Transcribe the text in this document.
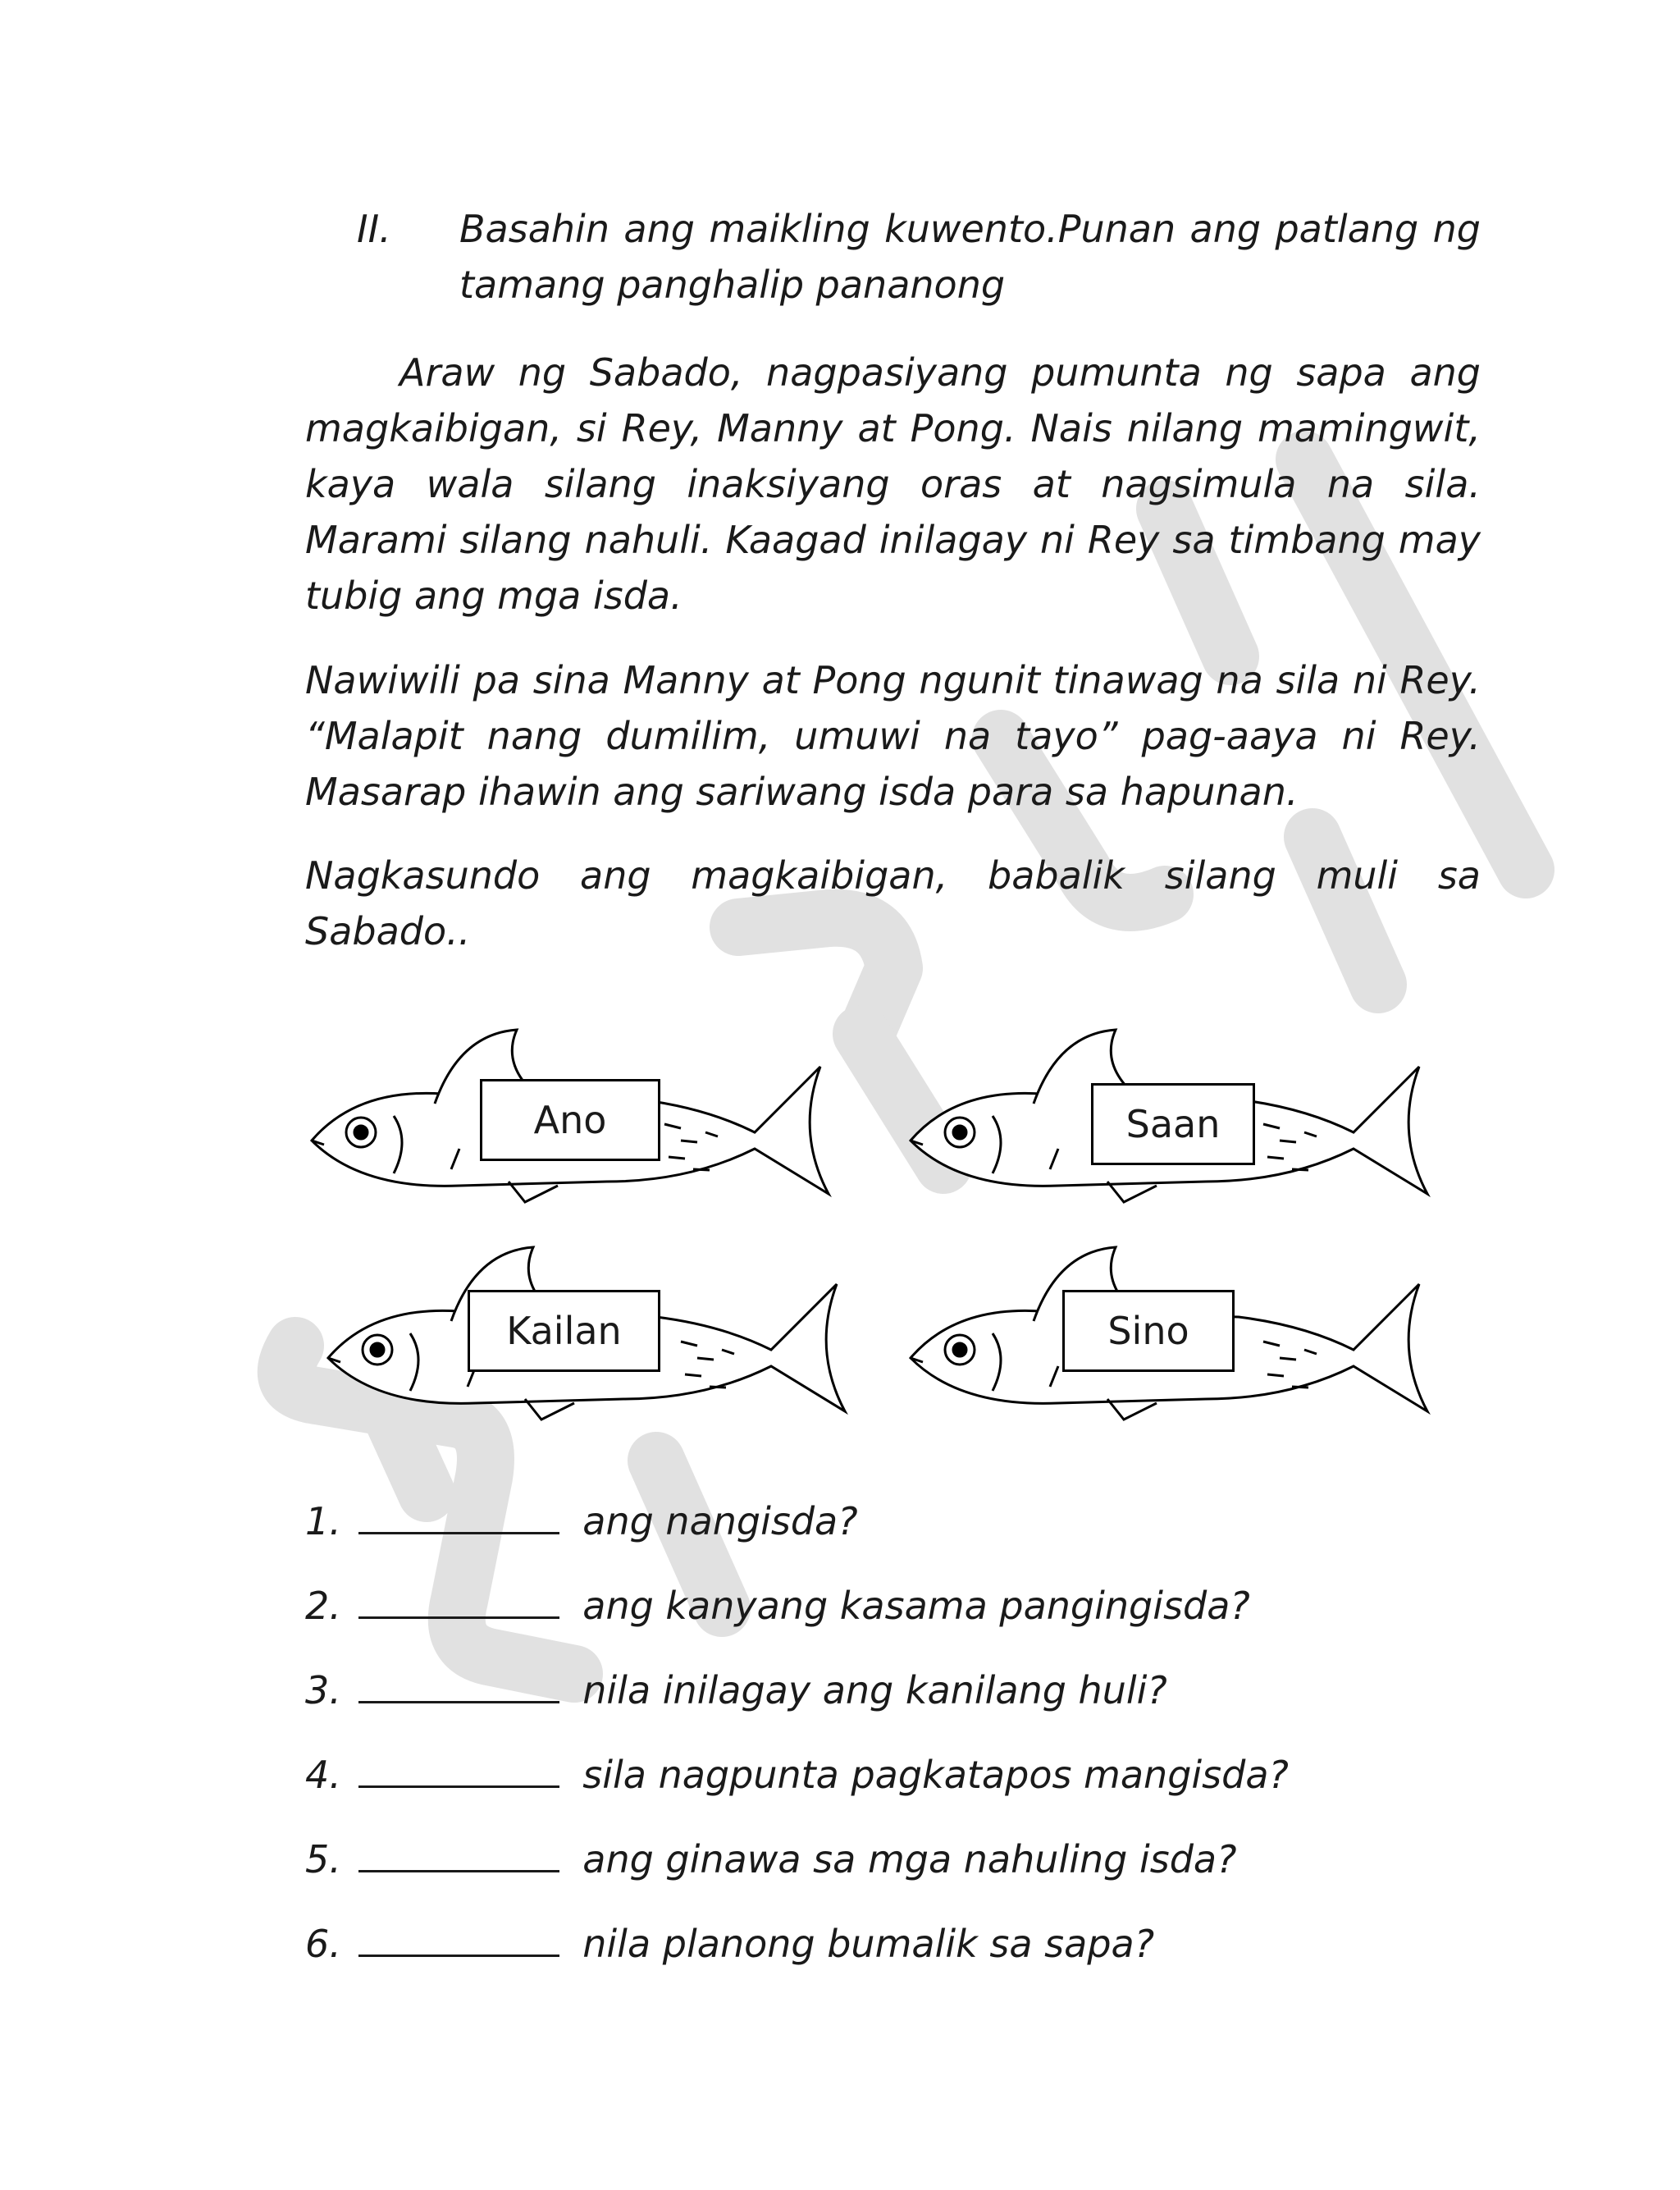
II. Basahin ang maikling kuwento.Punan ang patlang ng tamang panghalip pananong

Araw ng Sabado, nagpasiyang pumunta ng sapa ang magkaibigan, si Rey, Manny at Pong. Nais nilang mamingwit, kaya wala silang inaksiyang oras at nagsimula na sila. Marami silang nahuli. Kaagad inilagay ni Rey sa timbang may tubig ang mga isda.

Nawiwili pa sina Manny at Pong ngunit tinawag na sila ni Rey. “Malapit nang dumilim, umuwi na tayo” pag-aaya ni Rey. Masarap ihawin ang sariwang isda para sa hapunan.

Nagkasundo ang magkaibigan, babalik silang muli sa Sabado..

Ano	Saan
Kailan	Sino
1.	ang nangisda?
2.	ang kanyang kasama pangingisda?
3.	nila inilagay ang kanilang huli?
4.	sila nagpunta pagkatapos mangisda?
5.	ang ginawa sa mga nahuling isda?
6.	nila planong bumalik sa sapa?
